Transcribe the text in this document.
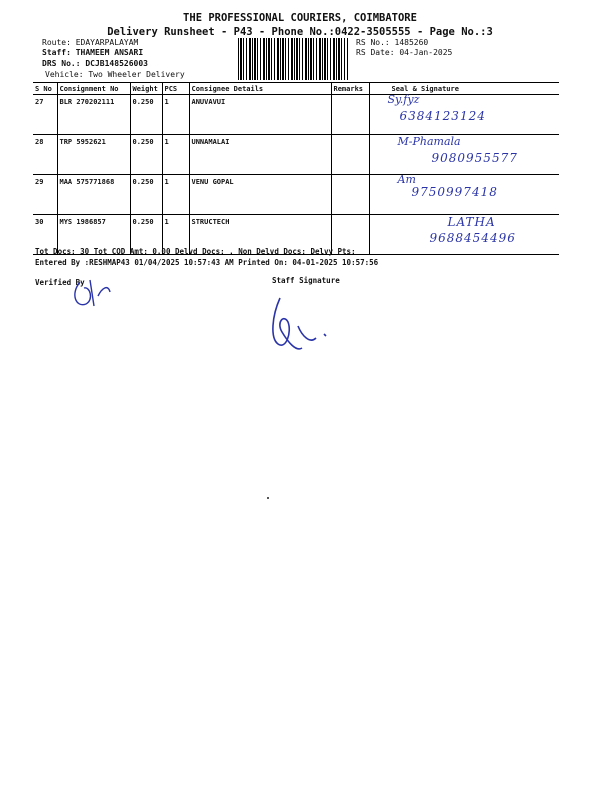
THE PROFESSIONAL COURIERS, COIMBATORE
Delivery Runsheet - P43 - Phone No.:0422-3505555 - Page No.:3
Route: EDAYARPALAYAM
Staff: THAMEEM ANSARI
DRS No.: DCJB148526003
Vehicle: Two Wheeler Delivery
RS No.: 1485260
RS Date: 04-Jan-2025
S No	Consignment No	Weight	PCS	Consignee Details	Remarks	Seal & Signature
27	BLR 270202111	0.250	1	ANUVAVUI		Sy.fyz
6384123124

28	TRP 5952621	0.250	1	UNNAMALAI		M-Phamala
9080955577

29	MAA 575771868	0.250	1	VENU GOPAL		Am
9750997418

30	MYS 1986857	0.250	1	STRUCTECH		LATHA
9688454496
Tot Docs: 30 Tot COD Amt: 0.00 Delvd Docs: . Non Delvd Docs: Delvy Pts:
Entered By :RESHMAP43 01/04/2025 10:57:43 AM Printed On: 04-01-2025 10:57:56
Verified By	Staff Signature
